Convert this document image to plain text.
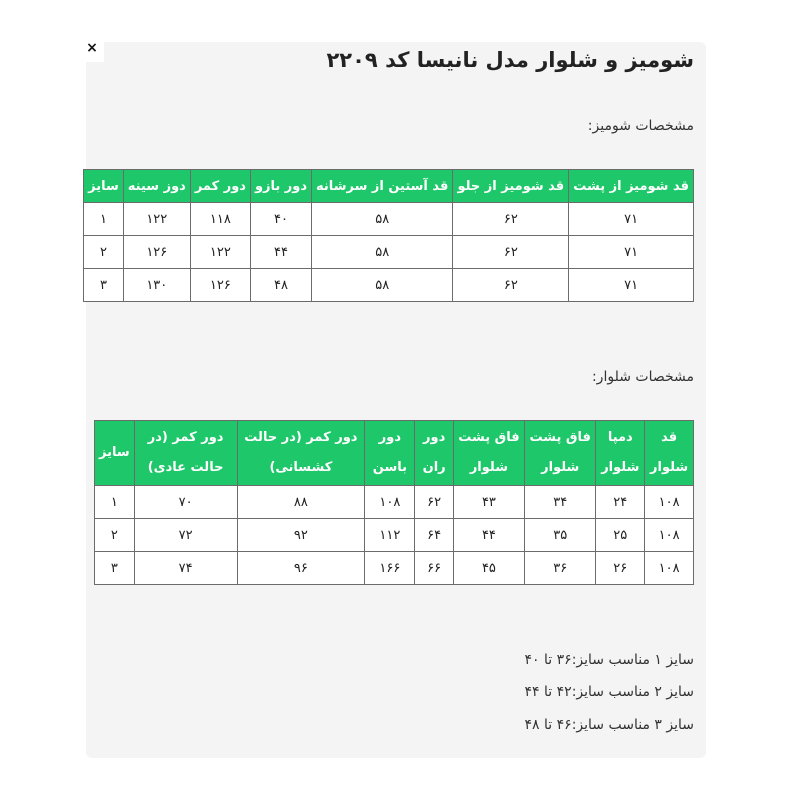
×	شومیز و شلوار مدل نانیسا کد ۲۲۰۹
مشخصات شومیز:
قد شومیز از پشت	قد شومیز از جلو	قد آستین از سرشانه	دور بازو	دور کمر	دوز سینه	سایز
۷۱	۶۲	۵۸	۴۰	۱۱۸	۱۲۲	۱
۷۱	۶۲	۵۸	۴۴	۱۲۲	۱۲۶	۲
۷۱	۶۲	۵۸	۴۸	۱۲۶	۱۳۰	۳
مشخصات شلوار:
قد شلوار	دمپا شلوار	فاق پشت شلوار	فاق پشت شلوار	دور ران	دور باسن	دور کمر (در حالت کشسانی)	دور کمر (در حالت عادی)	سایز
۱۰۸	۲۴	۳۴	۴۳	۶۲	۱۰۸	۸۸	۷۰	۱
۱۰۸	۲۵	۳۵	۴۴	۶۴	۱۱۲	۹۲	۷۲	۲
۱۰۸	۲۶	۳۶	۴۵	۶۶	۱۶۶	۹۶	۷۴	۳
سایز ۱ مناسب سایز:۳۶ تا ۴۰
سایز ۲ مناسب سایز:۴۲ تا ۴۴
سایز ۳ مناسب سایز:۴۶ تا ۴۸
